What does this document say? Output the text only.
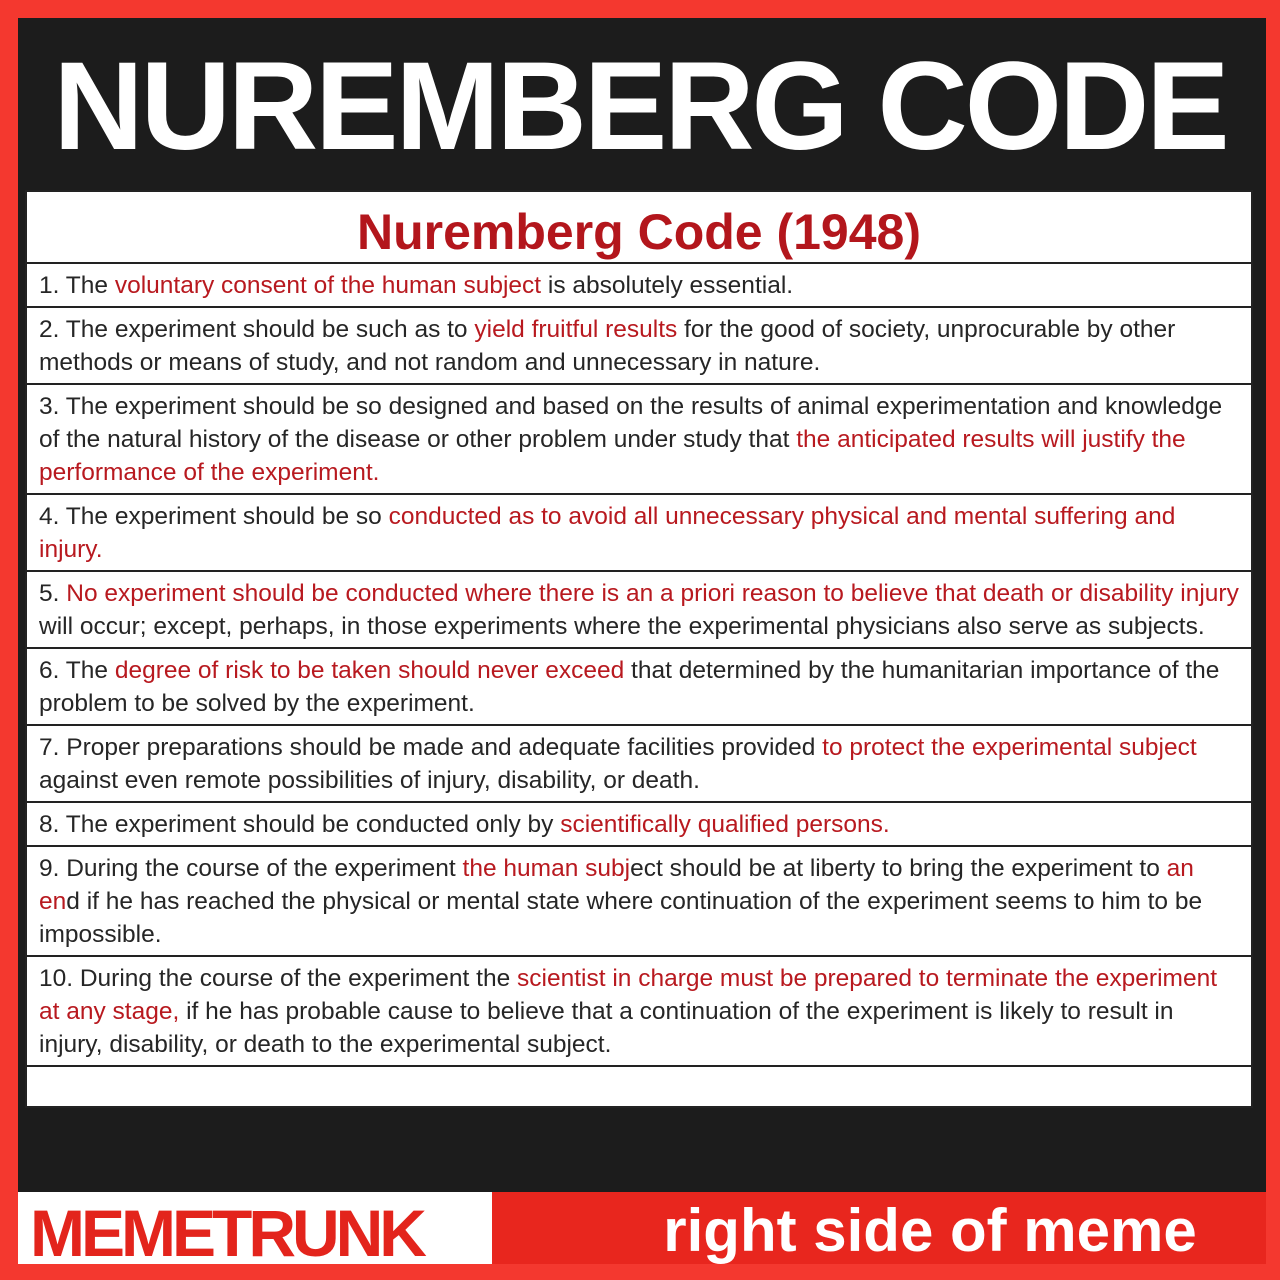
NUREMBERG CODE
Nuremberg Code (1948)
1. The voluntary consent of the human subject is absolutely essential.
2. The experiment should be such as to yield fruitful results for the good of society, unprocurable by other methods or means of study, and not random and unnecessary in nature.
3. The experiment should be so designed and based on the results of animal experimentation and knowledge of the natural history of the disease or other problem under study that the anticipated results will justify the performance of the experiment.
4. The experiment should be so conducted as to avoid all unnecessary physical and mental suffering and injury.
5. No experiment should be conducted where there is an a priori reason to believe that death or disability injury will occur; except, perhaps, in those experiments where the experimental physicians also serve as subjects.
6. The degree of risk to be taken should never exceed that determined by the humanitarian importance of the problem to be solved by the experiment.
7. Proper preparations should be made and adequate facilities provided to protect the experimental subject against even remote possibilities of injury, disability, or death.
8. The experiment should be conducted only by scientifically qualified persons.
9. During the course of the experiment the human subject should be at liberty to bring the experiment to an end if he has reached the physical or mental state where continuation of the experiment seems to him to be impossible.
10. During the course of the experiment the scientist in charge must be prepared to terminate the experiment at any stage, if he has probable cause to believe that a continuation of the experiment is likely to result in injury, disability, or death to the experimental subject.
MEMETRUNK	right side of meme
